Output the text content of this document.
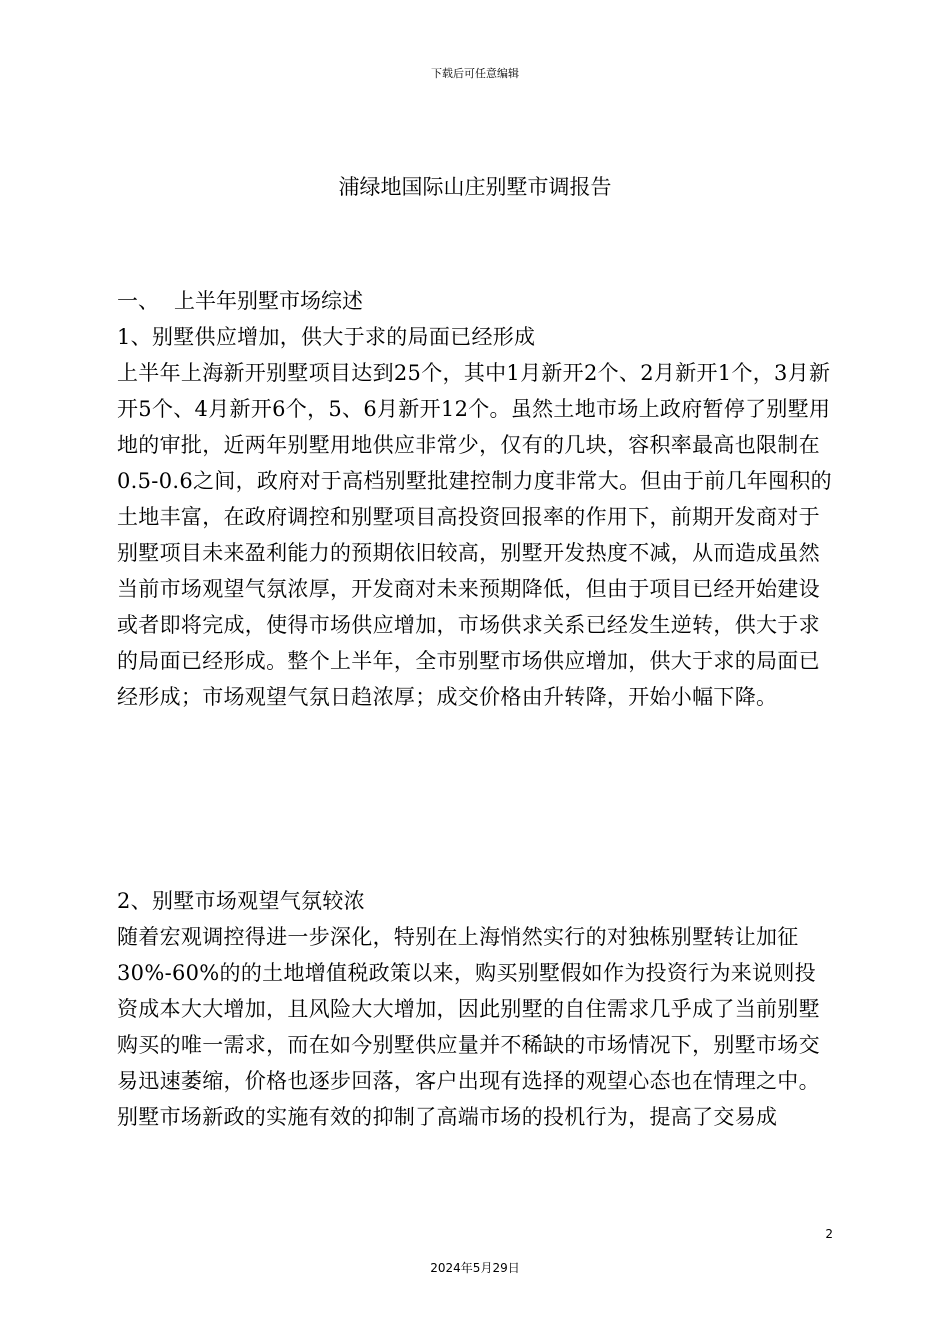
下载后可任意编辑
浦绿地国际山庄别墅市调报告
一、 上半年别墅市场综述

1、别墅供应增加，供大于求的局面已经形成

上半年上海新开别墅项目达到25个，其中1月新开2个、2月新开1个，3月新开5个、4月新开6个，5、6月新开12个。虽然土地市场上政府暂停了别墅用地的审批，近两年别墅用地供应非常少，仅有的几块，容积率最高也限制在0.5-0.6之间，政府对于高档别墅批建控制力度非常大。但由于前几年囤积的土地丰富，在政府调控和别墅项目高投资回报率的作用下，前期开发商对于别墅项目未来盈利能力的预期依旧较高，别墅开发热度不减，从而造成虽然当前市场观望气氛浓厚，开发商对未来预期降低，但由于项目已经开始建设或者即将完成，使得市场供应增加，市场供求关系已经发生逆转，供大于求的局面已经形成。整个上半年，全市别墅市场供应增加，供大于求的局面已经形成；市场观望气氛日趋浓厚；成交价格由升转降，开始小幅下降。

2、别墅市场观望气氛较浓

随着宏观调控得进一步深化，特别在上海悄然实行的对独栋别墅转让加征30%-60%的的土地增值税政策以来，购买别墅假如作为投资行为来说则投资成本大大增加，且风险大大增加，因此别墅的自住需求几乎成了当前别墅购买的唯一需求，而在如今别墅供应量并不稀缺的市场情况下，别墅市场交易迅速萎缩，价格也逐步回落，客户出现有选择的观望心态也在情理之中。

别墅市场新政的实施有效的抑制了高端市场的投机行为，提高了交易成

2
2024年5月29日
